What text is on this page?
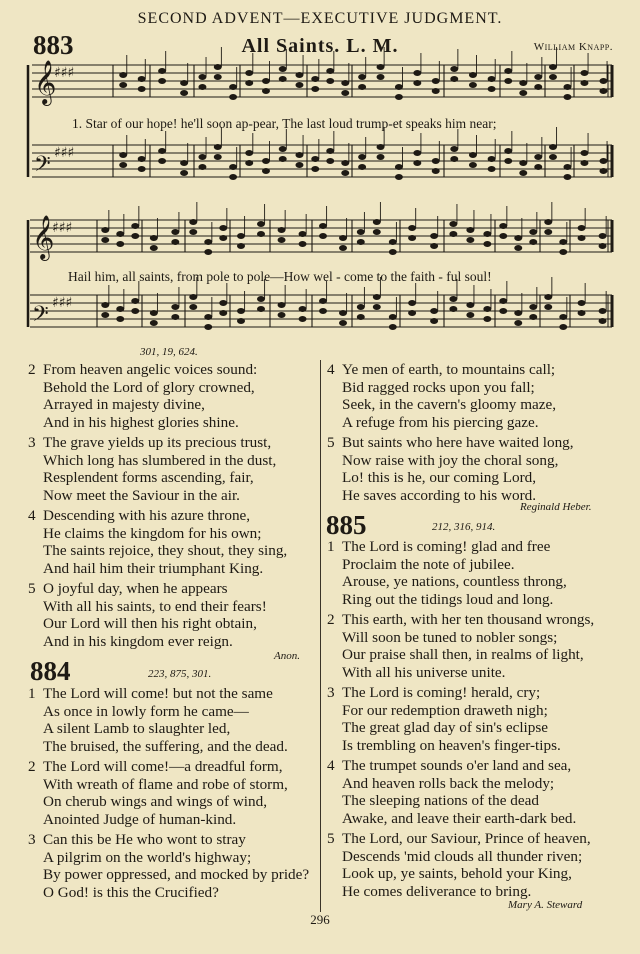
SECOND ADVENT—EXECUTIVE JUDGMENT.
883	All Saints. L. M.	William Knapp.
𝄞
♯♯♯
𝄢 ♯♯♯
𝄞
♯♯♯
𝄢 ♯♯♯
1. Star of our hope! he'll soon ap-pear, The last loud trump-et speaks him near;
Hail him, all saints, from pole to pole—How wel - come to the faith - ful soul!
301, 19, 624.
2 From heaven angelic voices sound:
Behold the Lord of glory crowned,
Arrayed in majesty divine,
And in his highest glories shine.
3 The grave yields up its precious trust,
Which long has slumbered in the dust,
Resplendent forms ascending, fair,
Now meet the Saviour in the air.
4 Descending with his azure throne,
He claims the kingdom for his own;
The saints rejoice, they shout, they sing,
And hail him their triumphant King.
5 O joyful day, when he appears
With all his saints, to end their fears!
Our Lord will then his right obtain,
And in his kingdom ever reign.
Anon.
884	223, 875, 301.
1 The Lord will come! but not the same
As once in lowly form he came—
A silent Lamb to slaughter led,
The bruised, the suffering, and the dead.
2 The Lord will come!—a dreadful form,
With wreath of flame and robe of storm,
On cherub wings and wings of wind,
Anointed Judge of human-kind.
3 Can this be He who wont to stray
A pilgrim on the world's highway;
By power oppressed, and mocked by pride?
O God! is this the Crucified?
4 Ye men of earth, to mountains call;
Bid ragged rocks upon you fall;
Seek, in the cavern's gloomy maze,
A refuge from his piercing gaze.
5 But saints who here have waited long,
Now raise with joy the choral song,
Lo! this is he, our coming Lord,
He saves according to his word.
Reginald Heber.
885	212, 316, 914.
1 The Lord is coming! glad and free
Proclaim the note of jubilee.
Arouse, ye nations, countless throng,
Ring out the tidings loud and long.
2 This earth, with her ten thousand wrongs,
Will soon be tuned to nobler songs;
Our praise shall then, in realms of light,
With all his universe unite.
3 The Lord is coming! herald, cry;
For our redemption draweth nigh;
The great glad day of sin's eclipse
Is trembling on heaven's finger-tips.
4 The trumpet sounds o'er land and sea,
And heaven rolls back the melody;
The sleeping nations of the dead
Awake, and leave their earth-dark bed.
5 The Lord, our Saviour, Prince of heaven,
Descends 'mid clouds all thunder riven;
Look up, ye saints, behold your King,
He comes deliverance to bring.
Mary A. Steward
296
